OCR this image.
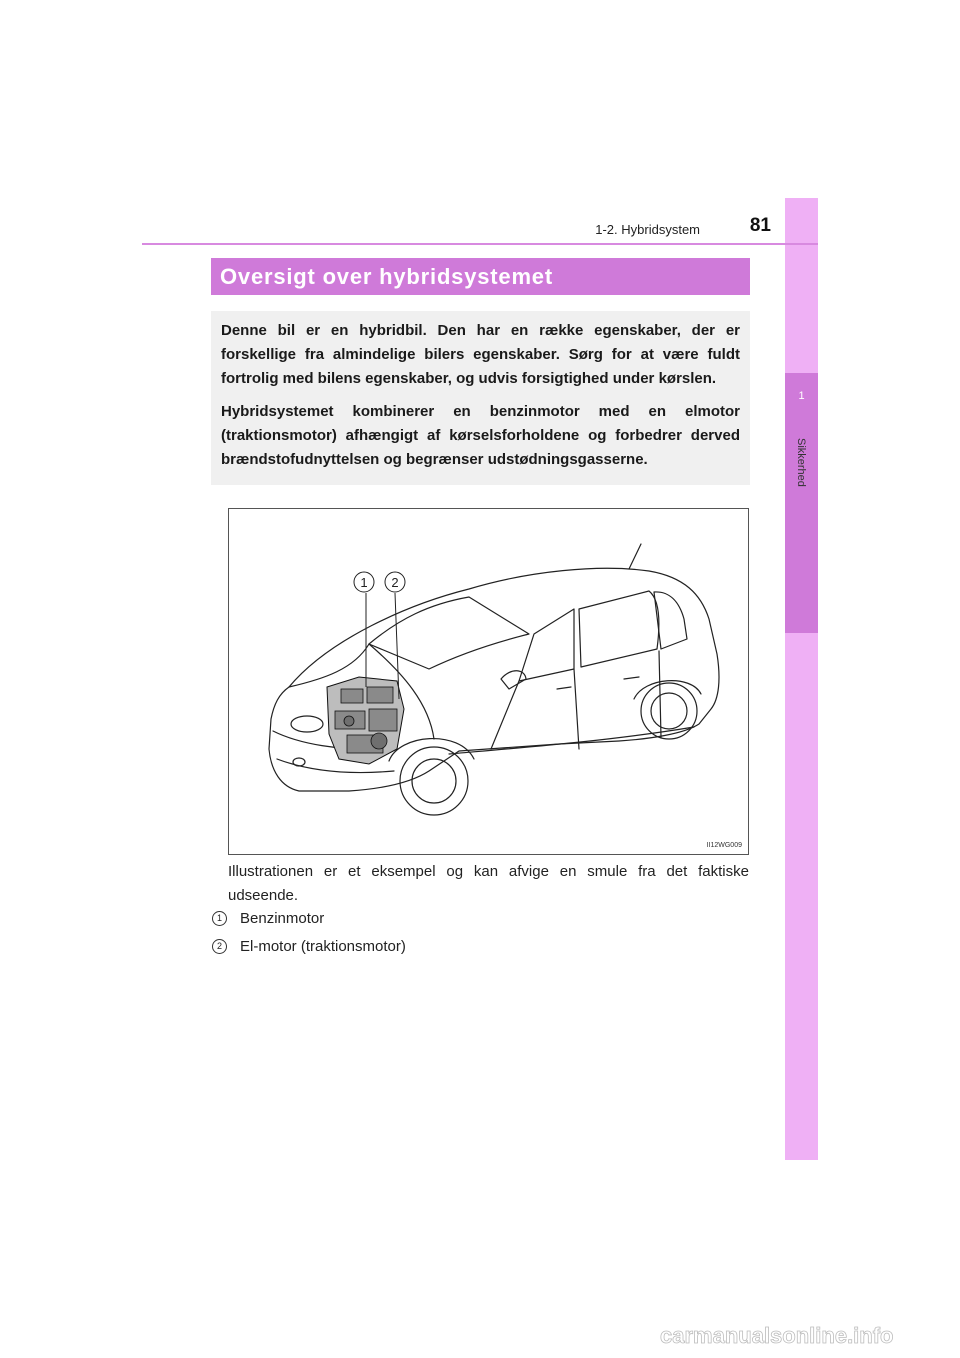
1
Sikkerhed
1-2. Hybridsystem	81
Oversigt over hybridsystemet

Denne bil er en hybridbil. Den har en række egenskaber, der er forskellige fra almindelige bilers egenskaber. Sørg for at være fuldt fortrolig med bilens egenskaber, og udvis forsigtighed under kørslen.

Hybridsystemet kombinerer en benzinmotor med en elmotor (traktionsmotor) afhængigt af kørselsforholdene og forbedrer derved brændstofudnyttelsen og begrænser udstødningsgasserne.

1 2
II12WG009
Illustrationen er et eksempel og kan afvige en smule fra det faktiske udseende.
1	Benzinmotor
2	El-motor (traktionsmotor)
carmanualsonline.info
